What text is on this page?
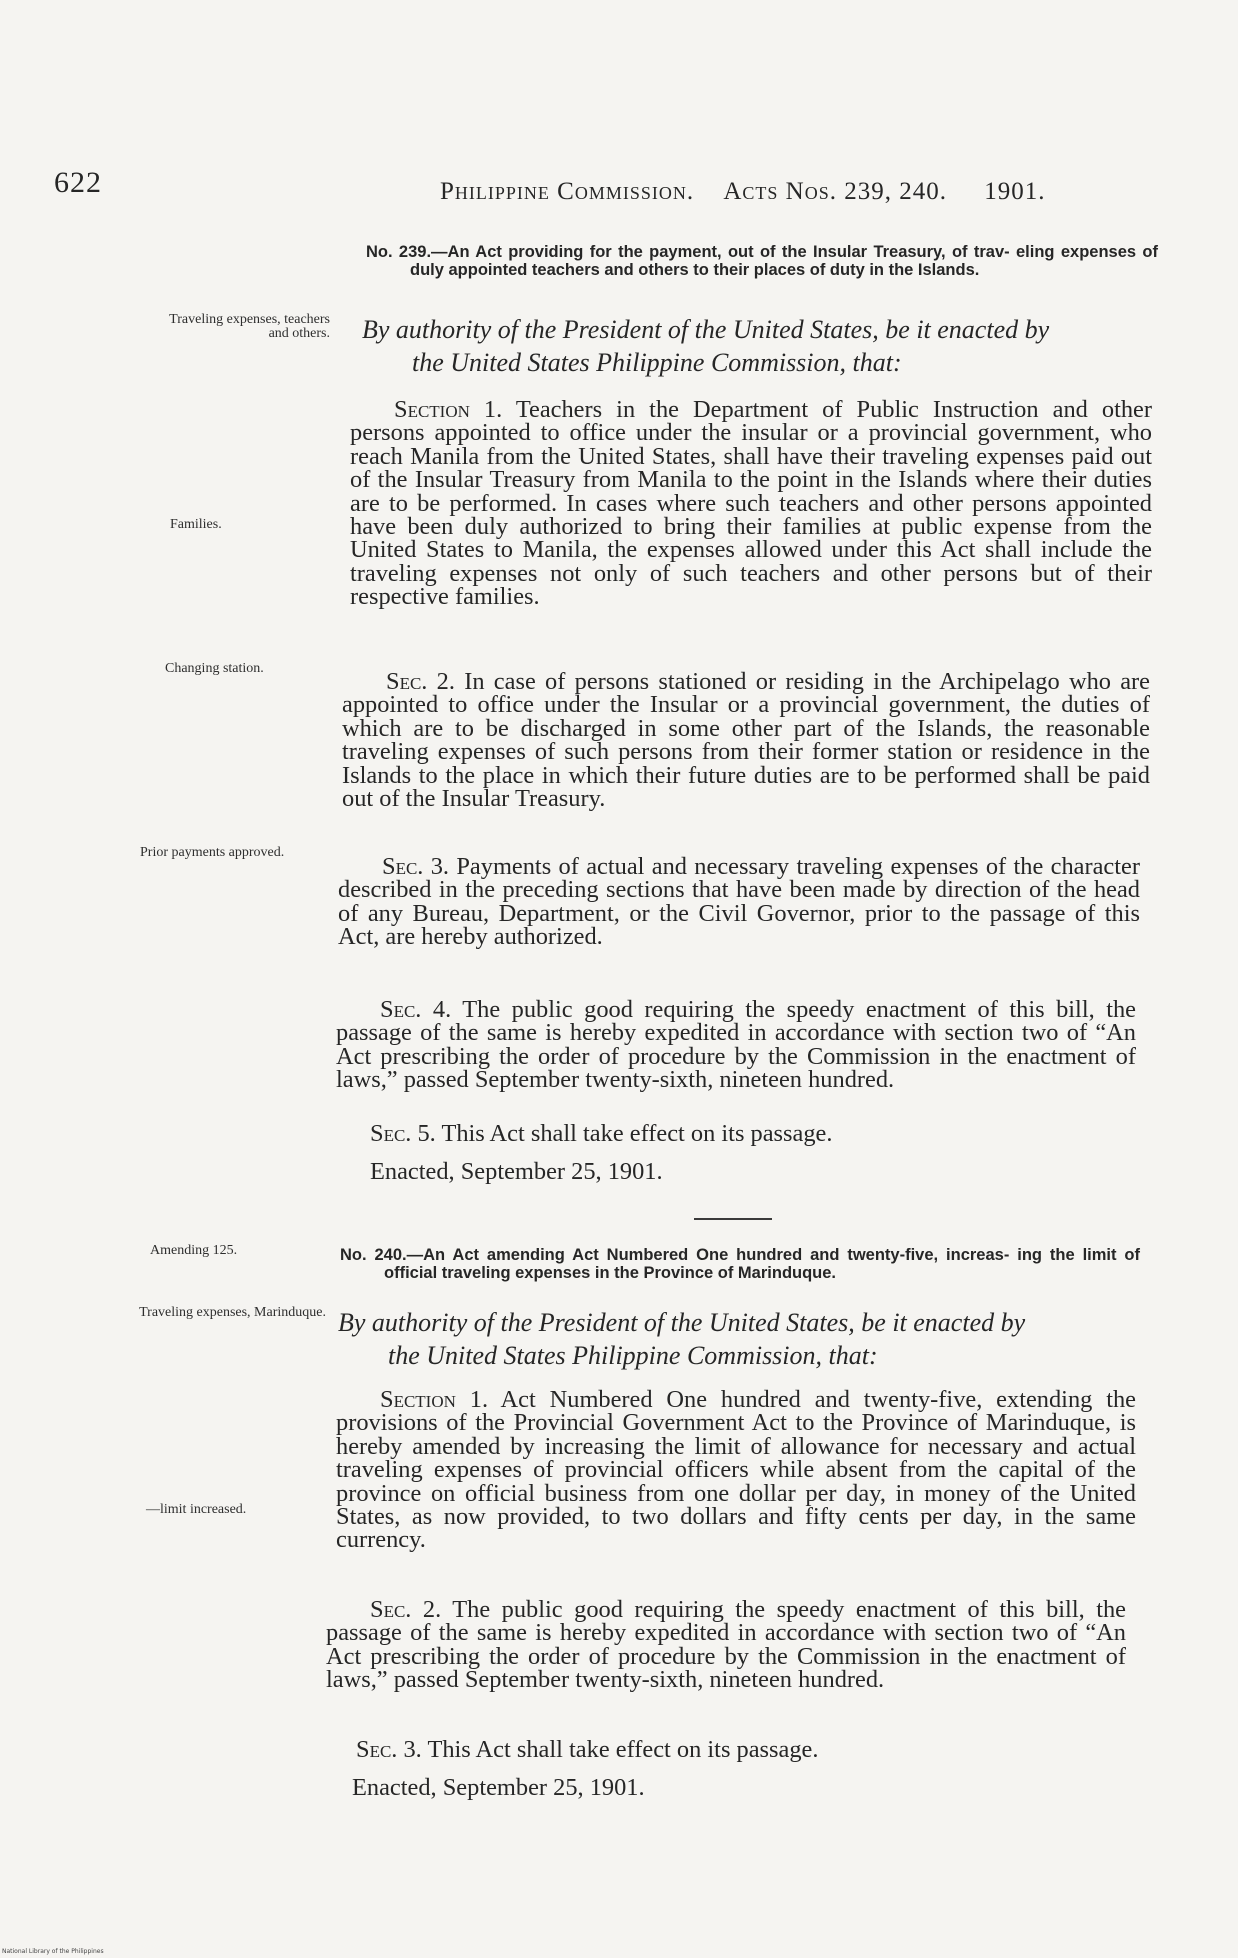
622	Philippine Commission. Acts Nos. 239, 240. 1901.
No. 239.—An Act providing for the payment, out of the Insular Treasury, of trav- eling expenses of duly appointed teachers and others to their places of duty in the Islands.
Traveling expenses, teachers and others. By authority of the President of the United States, be it enacted by
the United States Philippine Commission, that:
Families.

Section 1. Teachers in the Department of Public Instruction and other persons appointed to office under the insular or a provincial government, who reach Manila from the United States, shall have their traveling expenses paid out of the Insular Treasury from Manila to the point in the Islands where their duties are to be performed. In cases where such teachers and other persons appointed have been duly authorized to bring their families at public expense from the United States to Manila, the expenses allowed under this Act shall include the traveling expenses not only of such teachers and other persons but of their respective families.

Changing station.	Sec. 2. In case of persons stationed or residing in the Archipelago who are appointed to office under the Insular or a provincial government, the duties of which are to be discharged in some other part of the Islands, the reasonable traveling expenses of such persons from their former station or residence in the Islands to the place in which their future duties are to be performed shall be paid out of the Insular Treasury.

Prior payments approved.

Sec. 3. Payments of actual and necessary traveling expenses of the character described in the preceding sections that have been made by direction of the head of any Bureau, Department, or the Civil Governor, prior to the passage of this Act, are hereby authorized.

Sec. 4. The public good requiring the speedy enactment of this bill, the passage of the same is hereby expedited in accordance with section two of “An Act prescribing the order of procedure by the Commission in the enactment of laws,” passed September twenty-sixth, nineteen hundred.

Sec. 5. This Act shall take effect on its passage.
Enacted, September 25, 1901.
Amending 125.	No. 240.—An Act amending Act Numbered One hundred and twenty-five, increas- ing the limit of official traveling expenses in the Province of Marinduque.
Traveling expenses, Marinduque. By authority of the President of the United States, be it enacted by
the United States Philippine Commission, that:

Section 1. Act Numbered One hundred and twenty-five, extending the provisions of the Provincial Government Act to the Province of Marinduque, is hereby amended by increasing the limit of allowance for necessary and actual traveling expenses of provincial officers while absent from the capital of the province on official business from one dollar per day, in money of the United States, as now provided, to two dollars and fifty cents per day, in the same currency.

—limit increased.

Sec. 2. The public good requiring the speedy enactment of this bill, the passage of the same is hereby expedited in accordance with section two of “An Act prescribing the order of procedure by the Commission in the enactment of laws,” passed September twenty-sixth, nineteen hundred.

Sec. 3. This Act shall take effect on its passage.
Enacted, September 25, 1901.
National Library of the Philippines
